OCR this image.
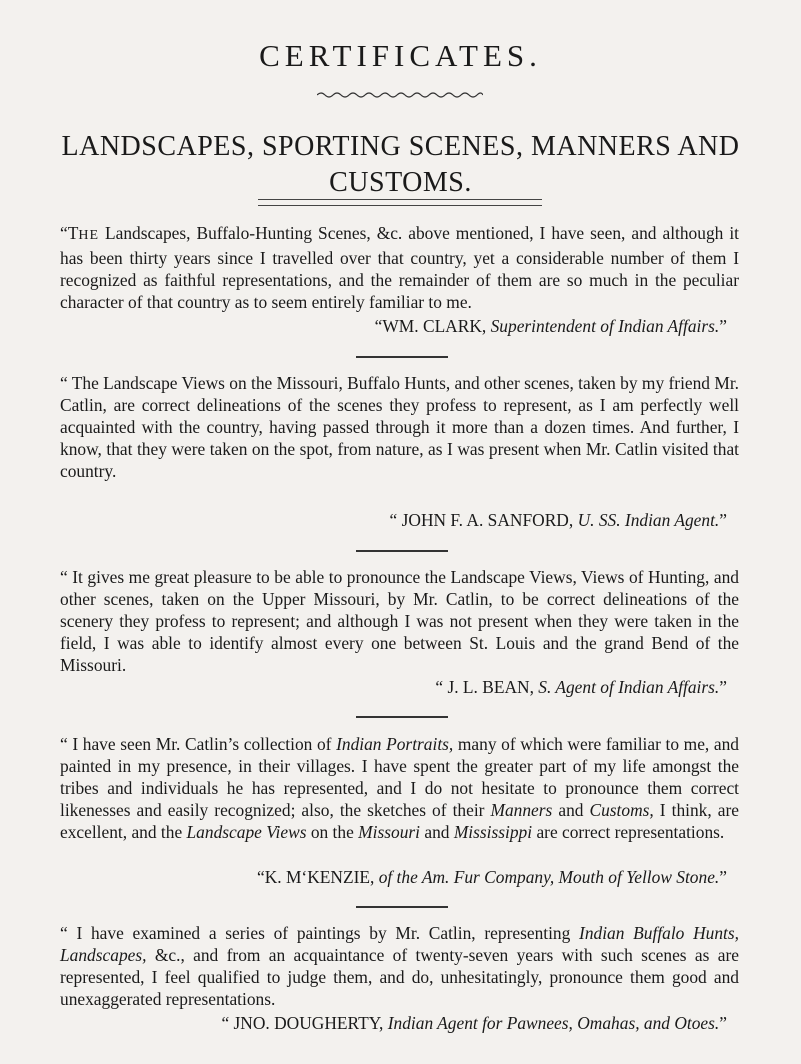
CERTIFICATES.
LANDSCAPES, SPORTING SCENES, MANNERS AND CUSTOMS.

“THE Landscapes, Buffalo-Hunting Scenes, &c. above mentioned, I have seen, and although it has been thirty years since I travelled over that country, yet a considerable number of them I recognized as faithful representations, and the remainder of them are so much in the peculiar character of that country as to seem entirely familiar to me.

“WM. CLARK, Superintendent of Indian Affairs.”

“ The Landscape Views on the Missouri, Buffalo Hunts, and other scenes, taken by my friend Mr. Catlin, are correct delineations of the scenes they profess to represent, as I am perfectly well acquainted with the country, having passed through it more than a dozen times. And further, I know, that they were taken on the spot, from nature, as I was present when Mr. Catlin visited that country.

“ JOHN F. A. SANFORD, U. SS. Indian Agent.”

“ It gives me great pleasure to be able to pronounce the Landscape Views, Views of Hunting, and other scenes, taken on the Upper Missouri, by Mr. Catlin, to be correct delineations of the scenery they profess to represent; and although I was not present when they were taken in the field, I was able to identify almost every one between St. Louis and the grand Bend of the Missouri.

“ J. L. BEAN, S. Agent of Indian Affairs.”

“ I have seen Mr. Catlin’s collection of Indian Portraits, many of which were familiar to me, and painted in my presence, in their villages. I have spent the greater part of my life amongst the tribes and individuals he has represented, and I do not hesitate to pronounce them correct likenesses and easily recognized; also, the sketches of their Manners and Customs, I think, are excellent, and the Landscape Views on the Missouri and Mississippi are correct representations.

“K. M‘KENZIE, of the Am. Fur Company, Mouth of Yellow Stone.”

“ I have examined a series of paintings by Mr. Catlin, representing Indian Buffalo Hunts, Landscapes, &c., and from an acquaintance of twenty-seven years with such scenes as are represented, I feel qualified to judge them, and do, unhesitatingly, pronounce them good and unexaggerated representations.

“ JNO. DOUGHERTY, Indian Agent for Pawnees, Omahas, and Otoes.”
